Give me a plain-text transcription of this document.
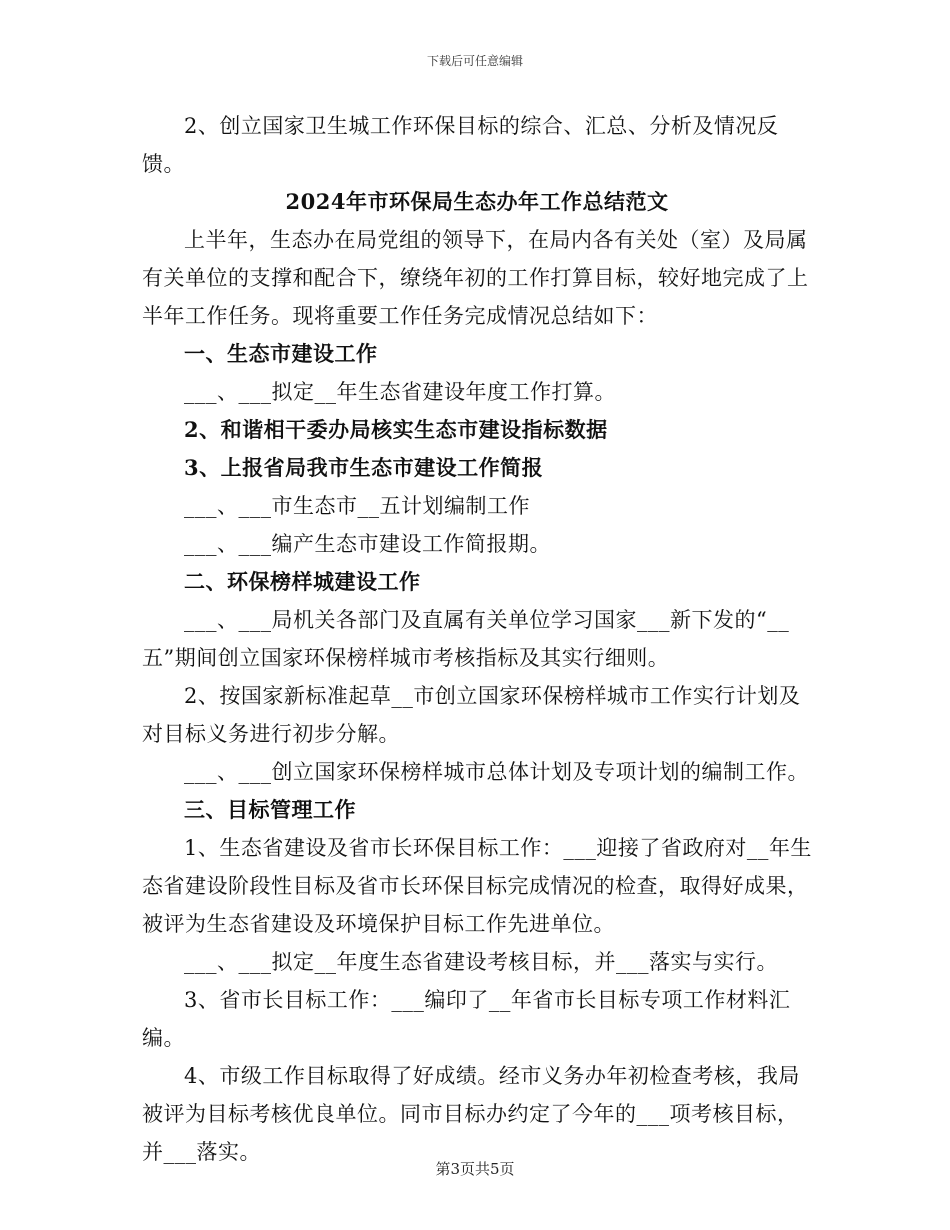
下载后可任意编辑

2、创立国家卫生城工作环保目标的综合、汇总、分析及情况反馈。

2024年市环保局生态办年工作总结范文

上半年，生态办在局党组的领导下，在局内各有关处（室）及局属有关单位的支撑和配合下，缭绕年初的工作打算目标，较好地完成了上半年工作任务。现将重要工作任务完成情况总结如下：

一、生态市建设工作

___、___拟定__年生态省建设年度工作打算。

2、和谐相干委办局核实生态市建设指标数据

3、上报省局我市生态市建设工作简报

___、___市生态市__五计划编制工作

___、___编产生态市建设工作简报期。

二、环保榜样城建设工作

___、___局机关各部门及直属有关单位学习国家___新下发的“__五”期间创立国家环保榜样城市考核指标及其实行细则。

2、按国家新标准起草__市创立国家环保榜样城市工作实行计划及对目标义务进行初步分解。

___、___创立国家环保榜样城市总体计划及专项计划的编制工作。

三、目标管理工作

1、生态省建设及省市长环保目标工作：___迎接了省政府对__年生态省建设阶段性目标及省市长环保目标完成情况的检查，取得好成果，被评为生态省建设及环境保护目标工作先进单位。

___、___拟定__年度生态省建设考核目标，并___落实与实行。

3、省市长目标工作：___编印了__年省市长目标专项工作材料汇编。

4、市级工作目标取得了好成绩。经市义务办年初检查考核，我局被评为目标考核优良单位。同市目标办约定了今年的___项考核目标，并___落实。

第3页共5页
